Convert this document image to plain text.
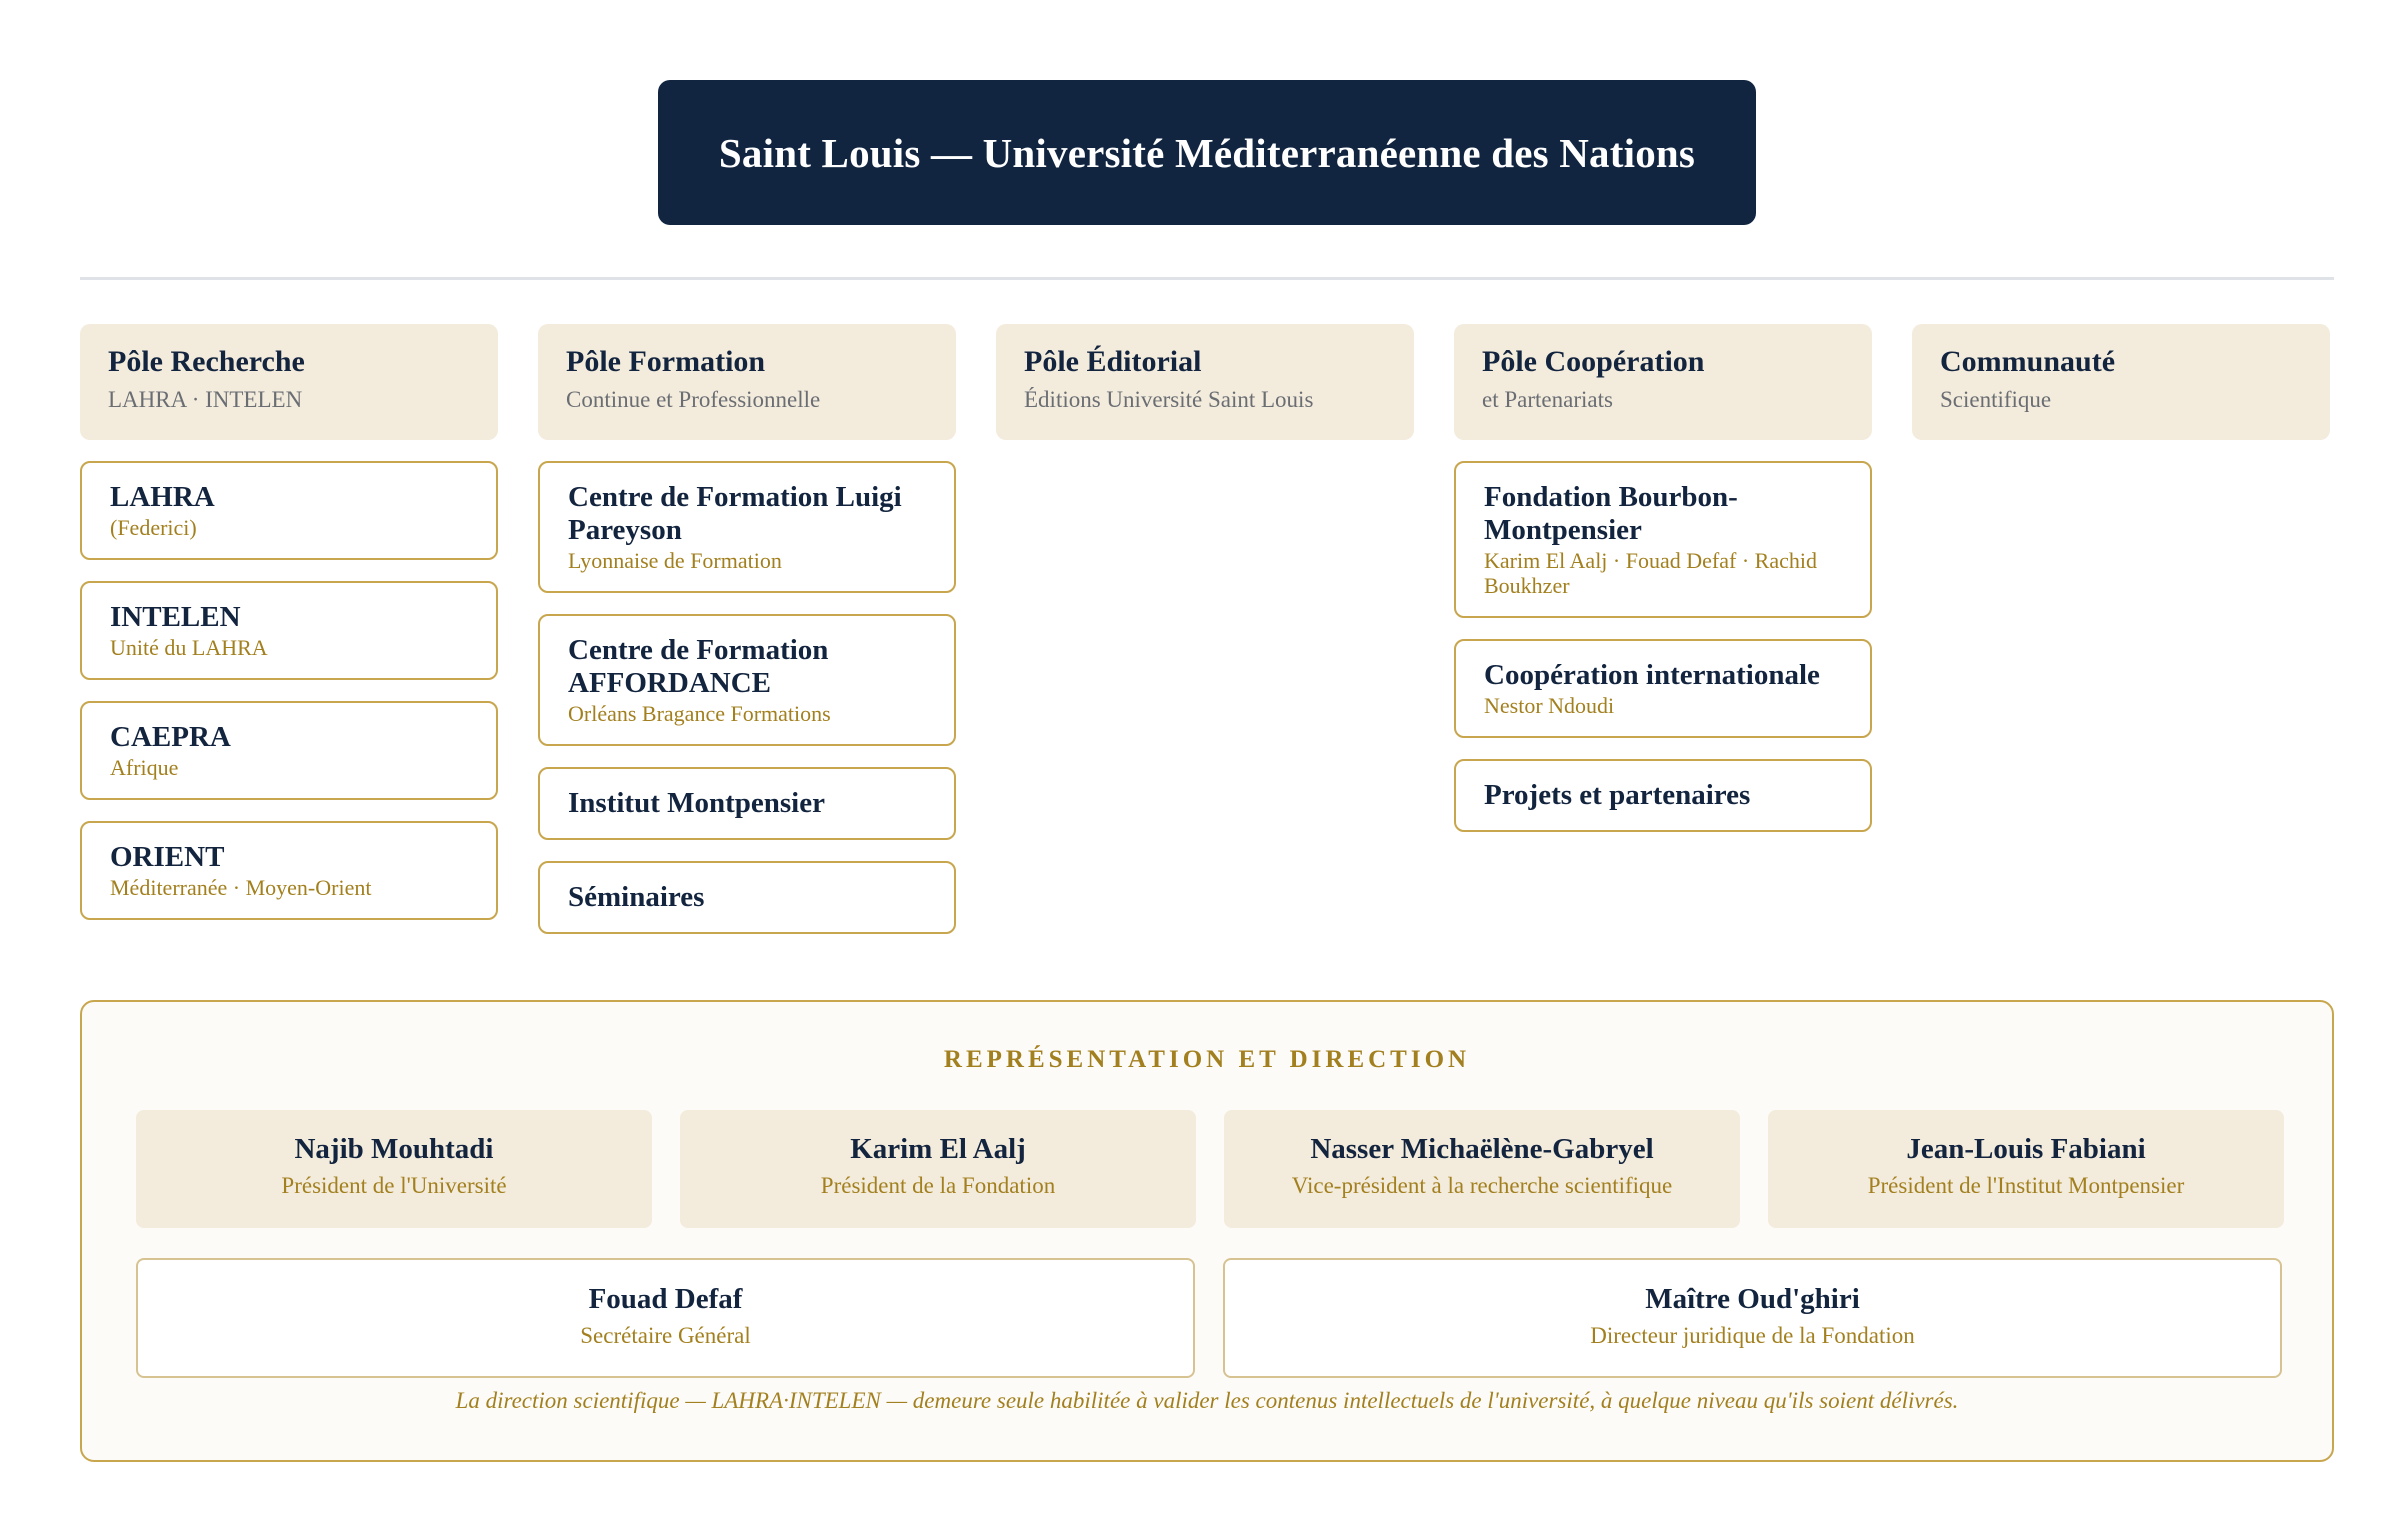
Saint Louis — Université Méditerranéenne des Nations
Pôle Recherche
LAHRA · INTELEN
LAHRA
(Federici)
INTELEN
Unité du LAHRA
CAEPRA
Afrique
ORIENT
Méditerranée · Moyen-Orient
Pôle Formation
Continue et Professionnelle
Centre de Formation Luigi Pareyson
Lyonnaise de Formation
Centre de Formation AFFORDANCE
Orléans Bragance Formations
Institut Montpensier
Séminaires
Pôle Éditorial
Éditions Université Saint Louis
Pôle Coopération
et Partenariats
Fondation Bourbon-Montpensier
Karim El Aalj · Fouad Defaf · Rachid Boukhzer
Coopération internationale
Nestor Ndoudi
Projets et partenaires
Communauté
Scientifique
REPRÉSENTATION ET DIRECTION
Najib Mouhtadi
Président de l'Université
Karim El Aalj
Président de la Fondation
Nasser Michaëlène-Gabryel
Vice-président à la recherche scientifique
Jean-Louis Fabiani
Président de l'Institut Montpensier
Fouad Defaf
Secrétaire Général
Maître Oud'ghiri
Directeur juridique de la Fondation
La direction scientifique — LAHRA·INTELEN — demeure seule habilitée à valider les contenus intellectuels de l'université, à quelque niveau qu'ils soient délivrés.
